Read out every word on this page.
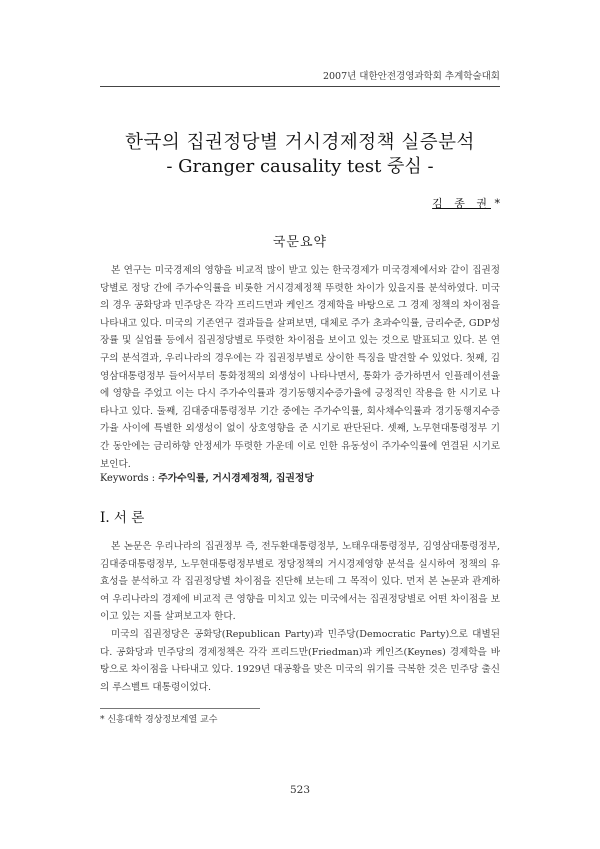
2007년 대한안전경영과학회 추계학술대회
한국의 집권정당별 거시경제정책 실증분석
- Granger causality test 중심 -
김 종 권 *
국문요약

본 연구는 미국경제의 영향을 비교적 많이 받고 있는 한국경제가 미국경제에서와 같이 집권정당별로 정당 간에 주가수익률을 비롯한 거시경제정책 뚜렷한 차이가 있을지를 분석하였다. 미국의 경우 공화당과 민주당은 각각 프리드먼과 케인즈 경제학을 바탕으로 그 경제 정책의 차이점을 나타내고 있다. 미국의 기존연구 결과들을 살펴보면, 대체로 주가 초과수익률, 금리수준, GDP성장률 및 실업률 등에서 집권정당별로 뚜렷한 차이점을 보이고 있는 것으로 발표되고 있다. 본 연구의 분석결과, 우리나라의 경우에는 각 집권정부별로 상이한 특징을 발견할 수 있었다. 첫째, 김영삼대통령정부 들어서부터 통화정책의 외생성이 나타나면서, 통화가 증가하면서 인플레이션율에 영향을 주었고 이는 다시 주가수익률과 경기동행지수증가율에 긍정적인 작용을 한 시기로 나타나고 있다. 둘째, 김대중대통령정부 기간 중에는 주가수익률, 회사채수익률과 경기동행지수증가율 사이에 특별한 외생성이 없이 상호영향을 준 시기로 판단된다. 셋째, 노무현대통령정부 기간 동안에는 금리하향 안정세가 뚜렷한 가운데 이로 인한 유동성이 주가수익률에 연결된 시기로 보인다.

Keywords : 주가수익률, 거시경제정책, 집권정당
I. 서 론

본 논문은 우리나라의 집권정부 즉, 전두환대통령정부, 노태우대통령정부, 김영삼대통령정부, 김대중대통령정부, 노무현대통령정부별로 정당정책의 거시경제영향 분석을 실시하여 정책의 유효성을 분석하고 각 집권정당별 차이점을 진단해 보는데 그 목적이 있다. 먼저 본 논문과 관계하여 우리나라의 경제에 비교적 큰 영향을 미치고 있는 미국에서는 집권정당별로 어떤 차이점을 보이고 있는 지를 살펴보고자 한다.

미국의 집권정당은 공화당(Republican Party)과 민주당(Democratic Party)으로 대별된다. 공화당과 민주당의 경제정책은 각각 프리드만(Friedman)과 케인즈(Keynes) 경제학을 바탕으로 차이점을 나타내고 있다. 1929년 대공황을 맞은 미국의 위기를 극복한 것은 민주당 출신의 루스벨트 대통령이었다.

* 신흥대학 경상정보계열 교수
523
